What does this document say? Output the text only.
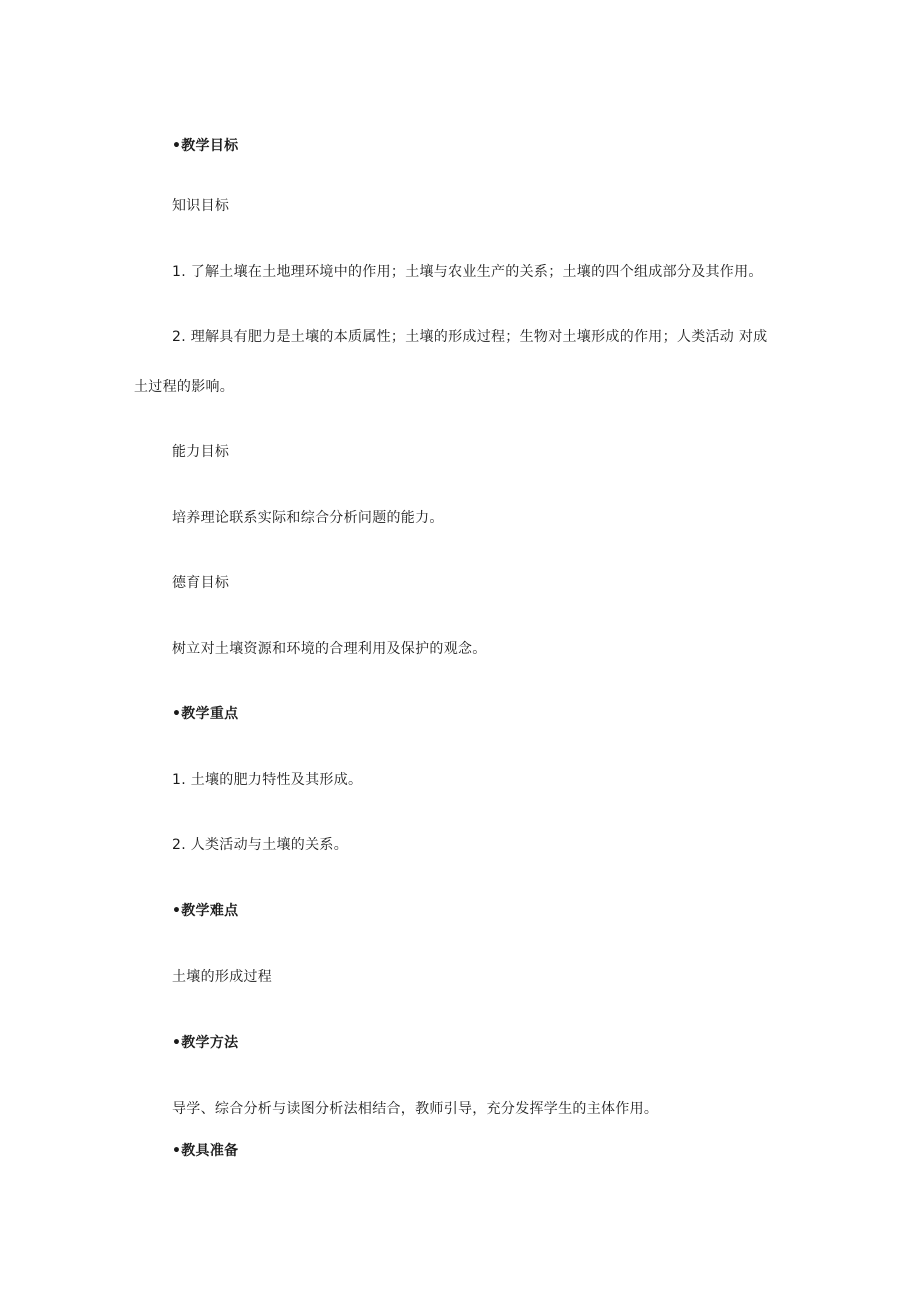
•教学目标
知识目标
1. 了解土壤在土地理环境中的作用；土壤与农业生产的关系；土壤的四个组成部分及其作用。
2. 理解具有肥力是土壤的本质属性；土壤的形成过程；生物对土壤形成的作用；人类活动 对成
土过程的影响。
能力目标
培养理论联系实际和综合分析问题的能力。
德育目标
树立对土壤资源和环境的合理利用及保护的观念。
•教学重点
1. 土壤的肥力特性及其形成。
2. 人类活动与土壤的关系。
•教学难点
土壤的形成过程
•教学方法
导学、综合分析与读图分析法相结合，教师引导，充分发挥学生的主体作用。
•教具准备
